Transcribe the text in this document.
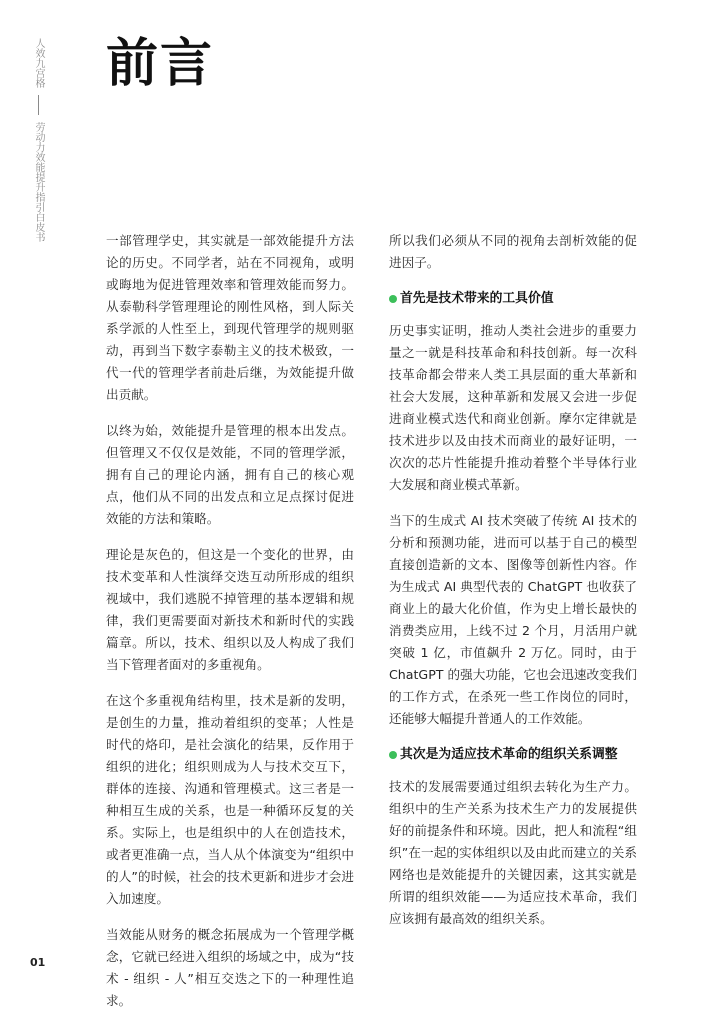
人效九宫格  劳动力效能提升指引白皮书
前言

一部管理学史，其实就是一部效能提升方法论的历史。不同学者，站在不同视角，或明或晦地为促进管理效率和管理效能而努力。从泰勒科学管理理论的刚性风格，到人际关系学派的人性至上，到现代管理学的规则驱动，再到当下数字泰勒主义的技术极致，一代一代的管理学者前赴后继，为效能提升做出贡献。

以终为始，效能提升是管理的根本出发点。但管理又不仅仅是效能，不同的管理学派，拥有自己的理论内涵，拥有自己的核心观点，他们从不同的出发点和立足点探讨促进效能的方法和策略。

理论是灰色的，但这是一个变化的世界，由技术变革和人性演绎交迭互动所形成的组织视域中，我们逃脱不掉管理的基本逻辑和规律，我们更需要面对新技术和新时代的实践篇章。所以，技术、组织以及人构成了我们当下管理者面对的多重视角。

在这个多重视角结构里，技术是新的发明，是创生的力量，推动着组织的变革；人性是时代的烙印，是社会演化的结果，反作用于组织的进化；组织则成为人与技术交互下，群体的连接、沟通和管理模式。这三者是一种相互生成的关系，也是一种循环反复的关系。实际上，也是组织中的人在创造技术，或者更准确一点，当人从个体演变为“组织中的人”的时候，社会的技术更新和进步才会进入加速度。

当效能从财务的概念拓展成为一个管理学概念，它就已经进入组织的场域之中，成为“技术 - 组织 - 人”相互交迭之下的一种理性追求。

所以我们必须从不同的视角去剖析效能的促进因子。

首先是技术带来的工具价值

历史事实证明，推动人类社会进步的重要力量之一就是科技革命和科技创新。每一次科技革命都会带来人类工具层面的重大革新和社会大发展，这种革新和发展又会进一步促进商业模式迭代和商业创新。摩尔定律就是技术进步以及由技术而商业的最好证明，一次次的芯片性能提升推动着整个半导体行业大发展和商业模式革新。

当下的生成式 AI 技术突破了传统 AI 技术的分析和预测功能，进而可以基于自己的模型直接创造新的文本、图像等创新性内容。作为生成式 AI 典型代表的 ChatGPT 也收获了商业上的最大化价值，作为史上增长最快的消费类应用，上线不过 2 个月，月活用户就突破 1 亿，市值飙升 2 万亿。同时，由于 ChatGPT 的强大功能，它也会迅速改变我们的工作方式，在杀死一些工作岗位的同时，还能够大幅提升普通人的工作效能。

其次是为适应技术革命的组织关系调整

技术的发展需要通过组织去转化为生产力。组织中的生产关系为技术生产力的发展提供好的前提条件和环境。因此，把人和流程“组织”在一起的实体组织以及由此而建立的关系网络也是效能提升的关键因素，这其实就是所谓的组织效能——为适应技术革命，我们应该拥有最高效的组织关系。

01
